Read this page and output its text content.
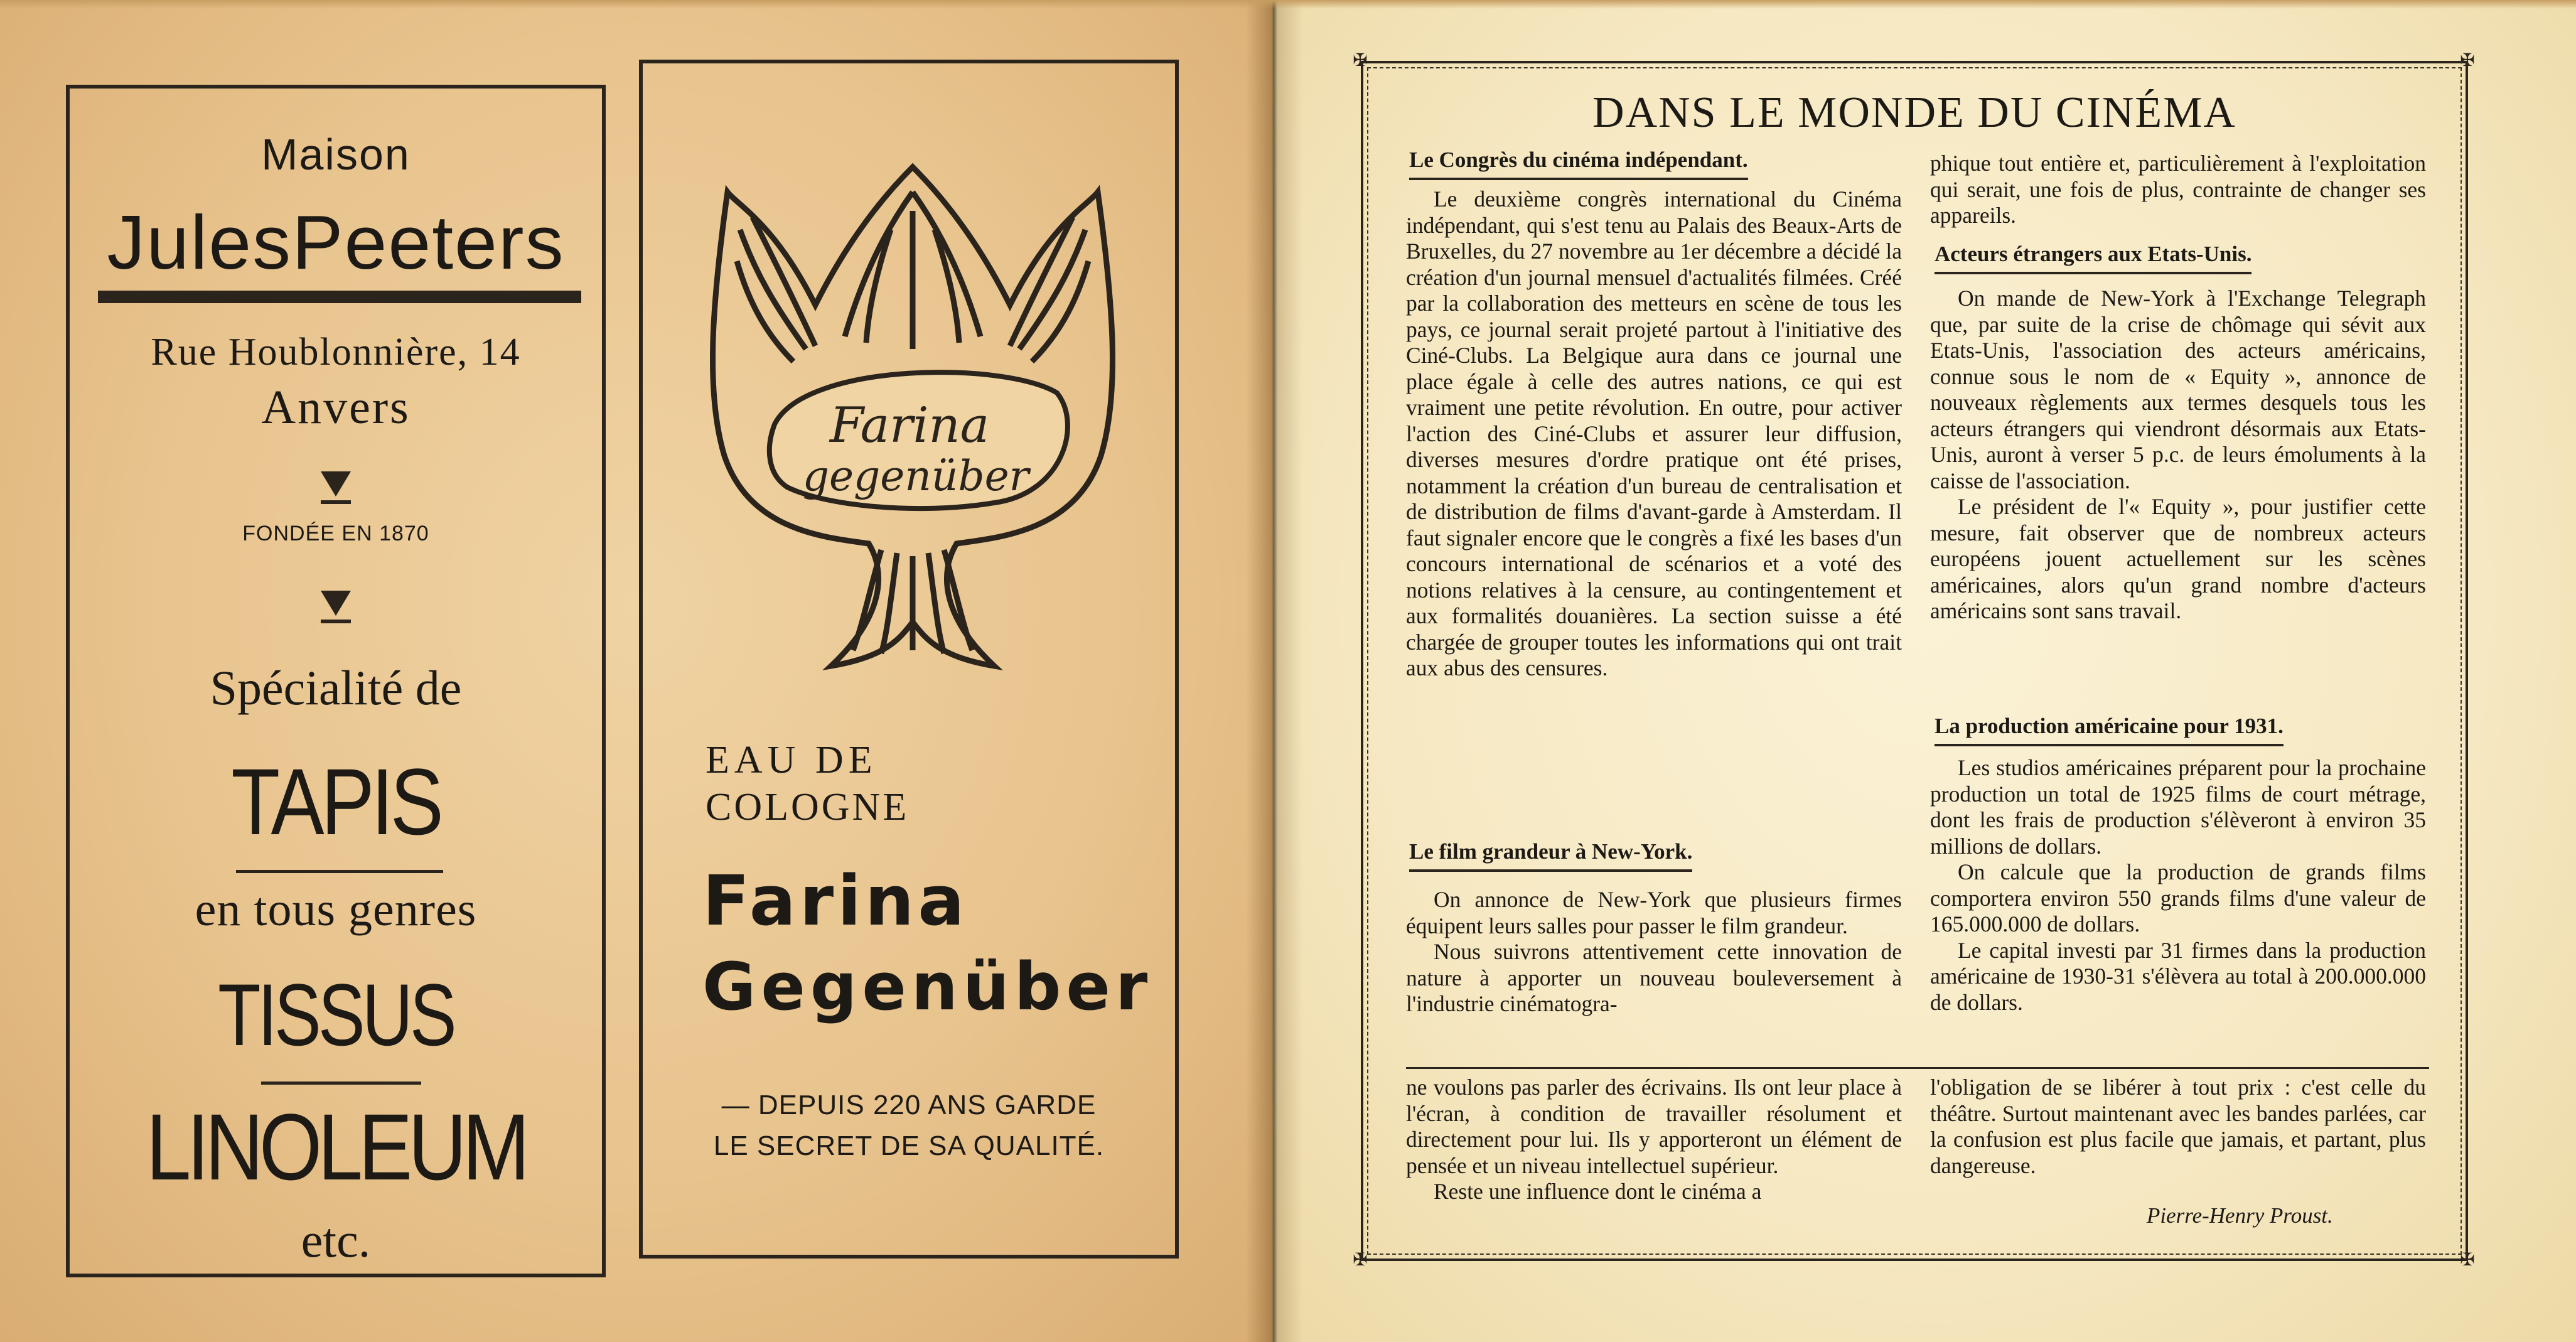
Maison
JulesPeeters
Rue Houblonnière, 14
Anvers
FONDÉE EN 1870
Spécialité de
TAPIS
en tous genres
TISSUS
LINOLEUM
etc.
Farina
gegenüber
EAU DE
COLOGNE
Farina
Gegenüber
— DEPUIS 220 ANS GARDE
LE SECRET DE SA QUALITÉ.
✠	✠
✠	✠
DANS LE MONDE DU CINÉMA
Le Congrès du cinéma indépendant.

Le deuxième congrès international du Cinéma indépendant, qui s'est tenu au Palais des Beaux-Arts de Bruxelles, du 27 novembre au 1er décembre a décidé la création d'un journal mensuel d'actualités filmées. Créé par la collaboration des metteurs en scène de tous les pays, ce journal serait projeté partout à l'initiative des Ciné-Clubs. La Belgique aura dans ce journal une place égale à celle des autres nations, ce qui est vraiment une petite révolution. En outre, pour activer l'action des Ciné-Clubs et assurer leur diffusion, diverses mesures d'ordre pratique ont été prises, notamment la création d'un bureau de centralisation et de distribution de films d'avant-garde à Amsterdam. Il faut signaler encore que le congrès a fixé les bases d'un concours international de scénarios et a voté des notions relatives à la censure, au contingentement et aux formalités douanières. La section suisse a été chargée de grouper toutes les informations qui ont trait aux abus des censures.

Le film grandeur à New-York.

On annonce de New-York que plusieurs firmes équipent leurs salles pour passer le film grandeur.

Nous suivrons attentivement cette innovation de nature à apporter un nouveau bouleversement à l'industrie cinématogra-

phique tout entière et, particulièrement à l'exploitation qui serait, une fois de plus, contrainte de changer ses appareils.

Acteurs étrangers aux Etats-Unis.

On mande de New-York à l'Exchange Telegraph que, par suite de la crise de chômage qui sévit aux Etats-Unis, l'association des acteurs américains, connue sous le nom de « Equity », annonce de nouveaux règlements aux termes desquels tous les acteurs étrangers qui viendront désormais aux Etats-Unis, auront à verser 5 p.c. de leurs émoluments à la caisse de l'association.

Le président de l'« Equity », pour justifier cette mesure, fait observer que de nombreux acteurs européens jouent actuellement sur les scènes américaines, alors qu'un grand nombre d'acteurs américains sont sans travail.

La production américaine pour 1931.

Les studios américaines préparent pour la prochaine production un total de 1925 films de court métrage, dont les frais de production s'élèveront à environ 35 millions de dollars.

On calcule que la production de grands films comportera environ 550 grands films d'une valeur de 165.000.000 de dollars.

Le capital investi par 31 firmes dans la production américaine de 1930-31 s'élèvera au total à 200.000.000 de dollars.

ne voulons pas parler des écrivains. Ils ont leur place à l'écran, à condition de travailler résolument et directement pour lui. Ils y apporteront un élément de pensée et un niveau intellectuel supérieur.

Reste une influence dont le cinéma a

l'obligation de se libérer à tout prix : c'est celle du théâtre. Surtout maintenant avec les bandes parlées, car la confusion est plus facile que jamais, et partant, plus dangereuse.

Pierre-Henry Proust.
